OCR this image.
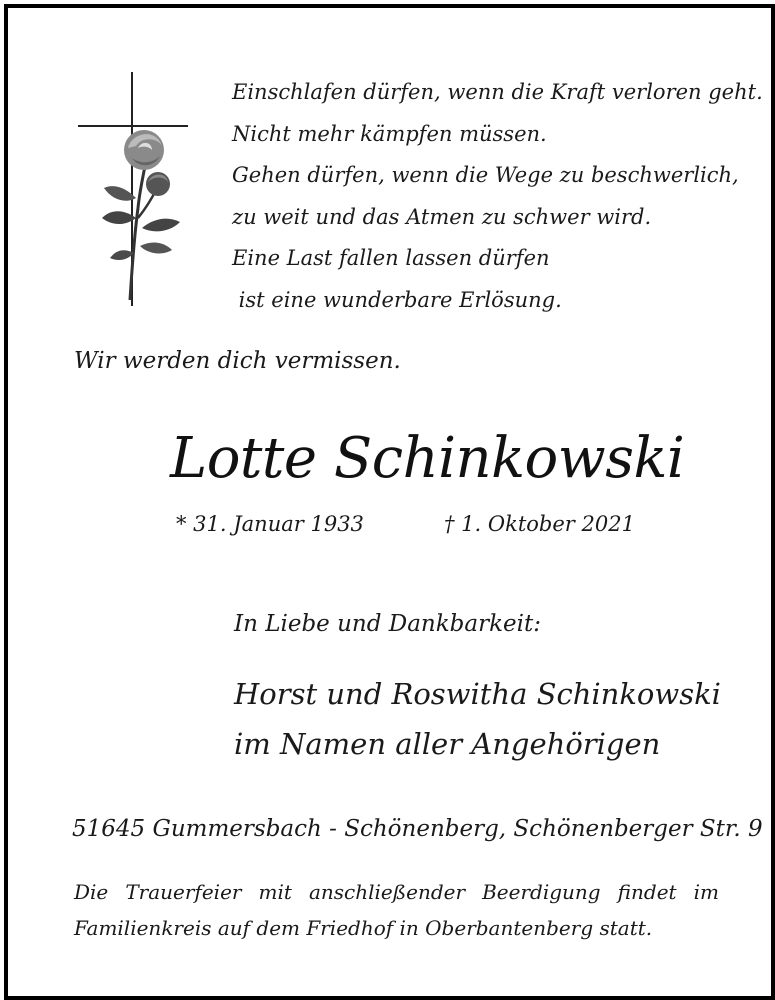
Einschlafen dürfen, wenn die Kraft verloren geht.
Nicht mehr kämpfen müssen.
Gehen dürfen, wenn die Wege zu beschwerlich,
zu weit und das Atmen zu schwer wird.
Eine Last fallen lassen dürfen
ist eine wunderbare Erlösung.
Wir werden dich vermissen.
Lotte Schinkowski
* 31. Januar 1933	† 1. Oktober 2021
In Liebe und Dankbarkeit:
Horst und Roswitha Schinkowski
im Namen aller Angehörigen
51645 Gummersbach - Schönenberg, Schönenberger Str. 9
Die Trauerfeier mit anschließender Beerdigung findet im
Familienkreis auf dem Friedhof in Oberbantenberg statt.
